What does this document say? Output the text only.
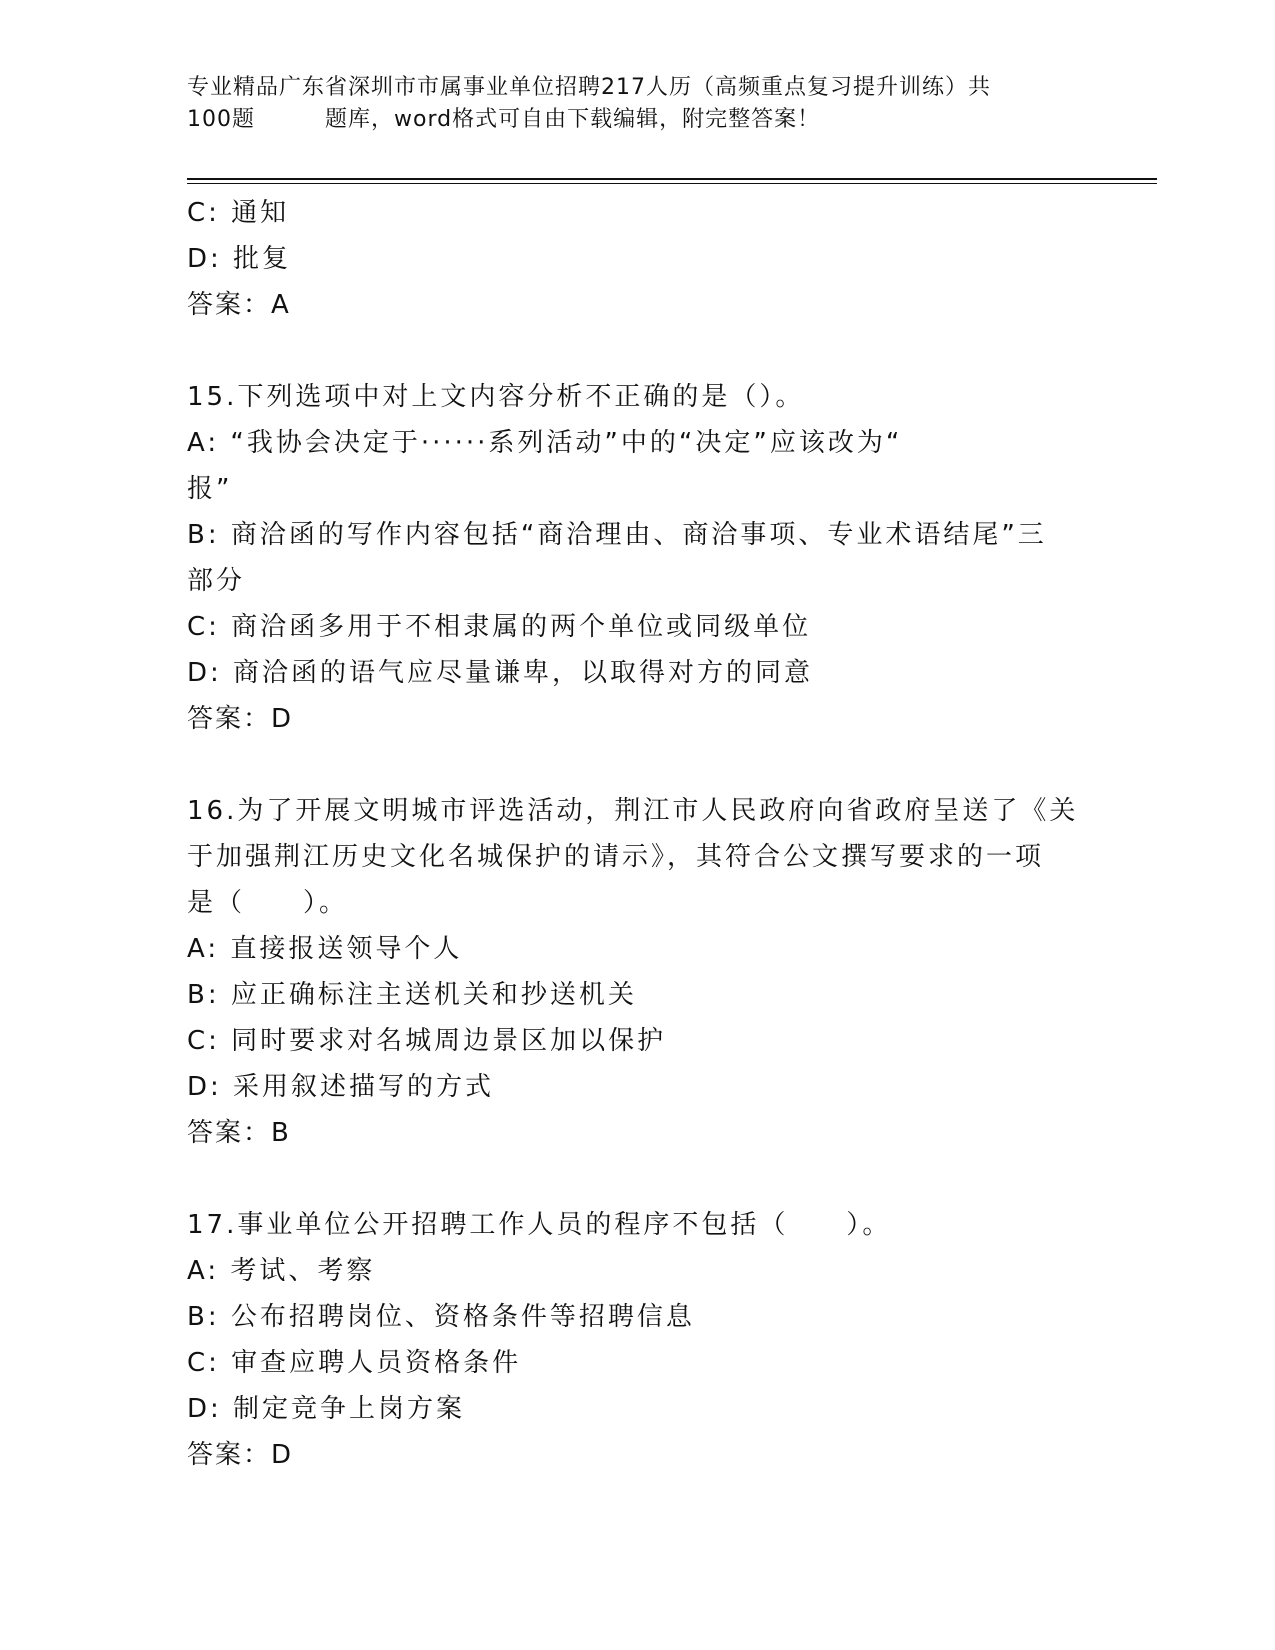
专业精品广东省深圳市市属事业单位招聘217人历（高频重点复习提升训练）共
100题	题库，word格式可自由下载编辑，附完整答案！

C: 通知

D: 批复

答案：A

15.下列选项中对上文内容分析不正确的是（）。

A: “我协会决定于······系列活动”中的“决定”应该改为“

报”

B: 商洽函的写作内容包括“商洽理由、商洽事项、专业术语结尾”三

部分

C: 商洽函多用于不相隶属的两个单位或同级单位

D: 商洽函的语气应尽量谦卑，以取得对方的同意

答案：D

16.为了开展文明城市评选活动，荆江市人民政府向省政府呈送了《关

于加强荆江历史文化名城保护的请示》，其符合公文撰写要求的一项

是（　　）。

A: 直接报送领导个人

B: 应正确标注主送机关和抄送机关

C: 同时要求对名城周边景区加以保护

D: 采用叙述描写的方式

答案：B

17.事业单位公开招聘工作人员的程序不包括（　　）。

A: 考试、考察

B: 公布招聘岗位、资格条件等招聘信息

C: 审查应聘人员资格条件

D: 制定竞争上岗方案

答案：D
